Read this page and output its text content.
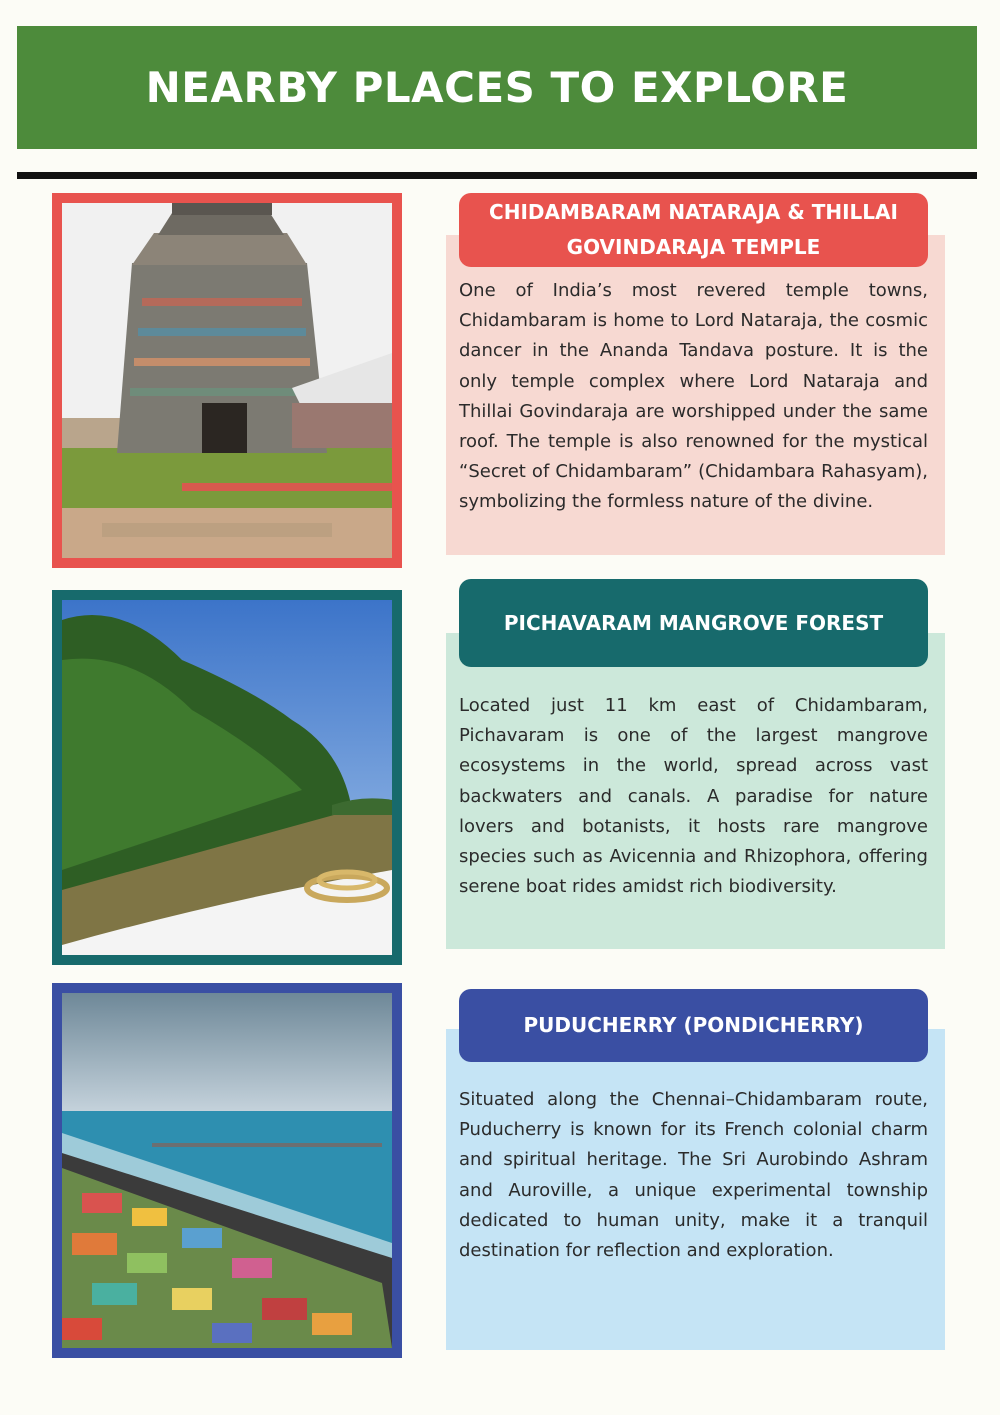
NEARBY PLACES TO EXPLORE
CHIDAMBARAM NATARAJA & THILLAI GOVINDARAJA TEMPLE

One of India’s most revered temple towns, Chidambaram is home to Lord Nataraja, the cosmic dancer in the Ananda Tandava posture. It is the only temple complex where Lord Nataraja and Thillai Govindaraja are worshipped under the same roof. The temple is also renowned for the mystical “Secret of Chidambaram” (Chidambara Rahasyam), symbolizing the formless nature of the divine.

PICHAVARAM MANGROVE FOREST

Located just 11 km east of Chidambaram, Pichavaram is one of the largest mangrove ecosystems in the world, spread across vast backwaters and canals. A paradise for nature lovers and botanists, it hosts rare mangrove species such as Avicennia and Rhizophora, offering serene boat rides amidst rich biodiversity.

PUDUCHERRY (PONDICHERRY)

Situated along the Chennai–Chidambaram route, Puducherry is known for its French colonial charm and spiritual heritage. The Sri Aurobindo Ashram and Auroville, a unique experimental township dedicated to human unity, make it a tranquil destination for reflection and exploration.
